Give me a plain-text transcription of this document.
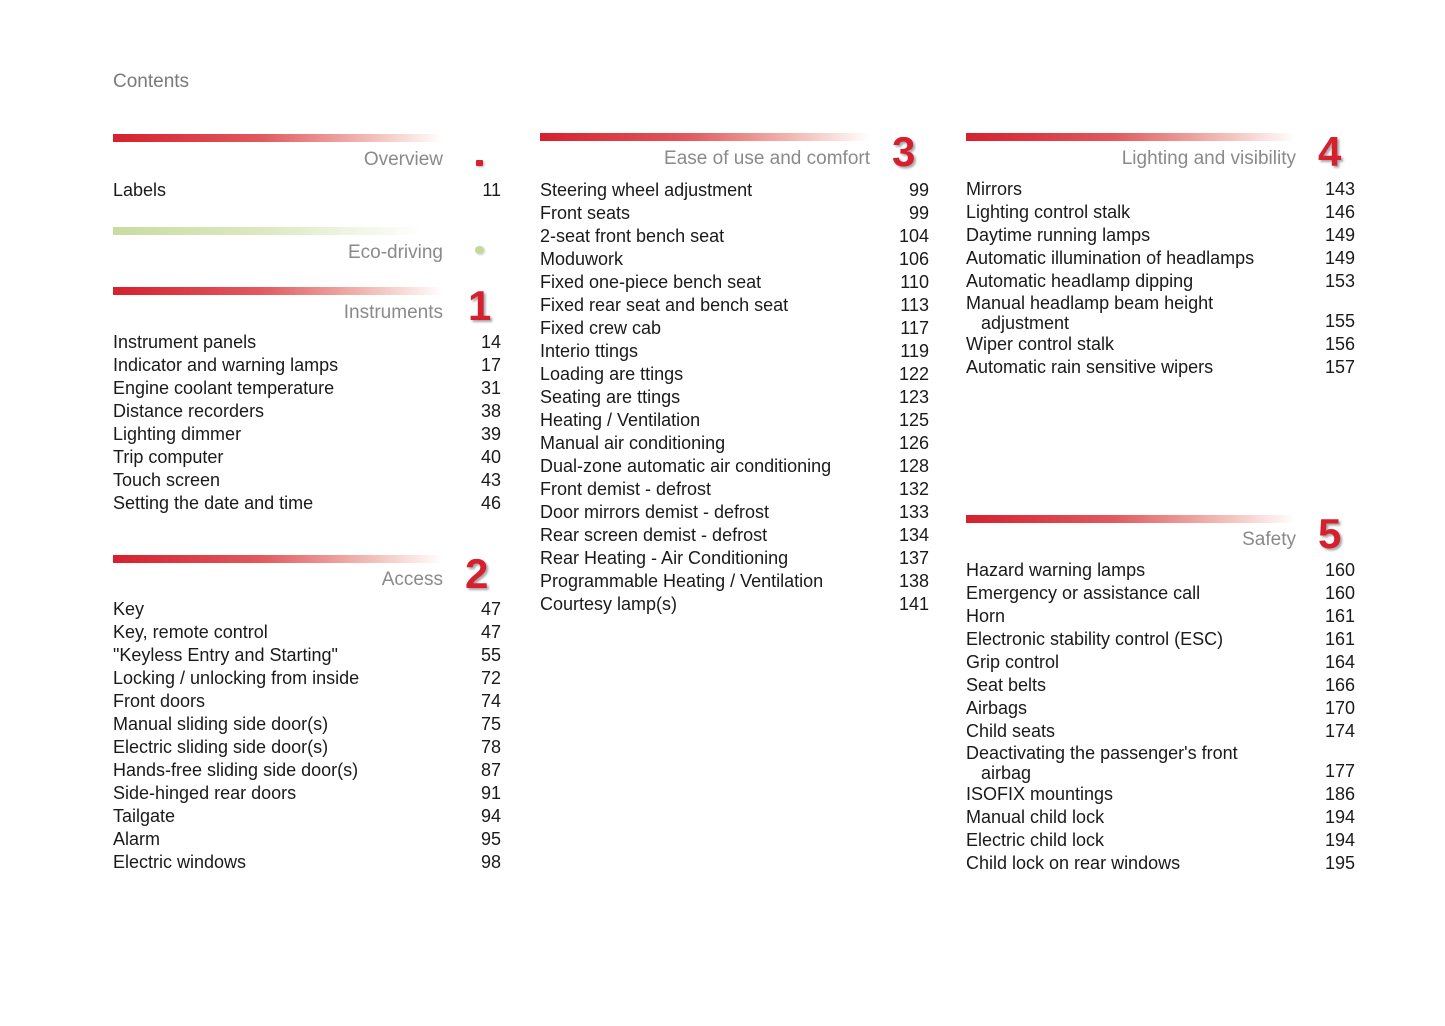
Contents
Overview
Labels	11
Eco-driving
Instruments 1
Instrument panels	14
Indicator and warning lamps	17
Engine coolant temperature	31
Distance recorders	38
Lighting dimmer	39
Trip computer	40
Touch screen	43
Setting the date and time	46
Access 2
Key	47
Key, remote control	47
"Keyless Entry and Starting"	55
Locking / unlocking from inside	72
Front doors	74
Manual sliding side door(s)	75
Electric sliding side door(s)	78
Hands-free sliding side door(s)	87
Side-hinged rear doors	91
Tailgate	94
Alarm	95
Electric windows	98
Ease of use and comfort 3
Steering wheel adjustment	99
Front seats	99
2-seat front bench seat	104
Moduwork	106
Fixed one-piece bench seat	110
Fixed rear seat and bench seat	113
Fixed crew cab	117
Interio ttings	119
Loading are ttings	122
Seating are ttings	123
Heating / Ventilation	125
Manual air conditioning	126
Dual-zone automatic air conditioning	128
Front demist - defrost	132
Door mirrors demist - defrost	133
Rear screen demist - defrost	134
Rear Heating - Air Conditioning	137
Programmable Heating / Ventilation	138
Courtesy lamp(s)	141
Lighting and visibility 4
Mirrors	143
Lighting control stalk	146
Daytime running lamps	149
Automatic illumination of headlamps	149
Automatic headlamp dipping	153
Manual headlamp beam height
adjustment	155
Wiper control stalk	156
Automatic rain sensitive wipers	157
Safety 5
Hazard warning lamps	160
Emergency or assistance call	160
Horn	161
Electronic stability control (ESC)	161
Grip control	164
Seat belts	166
Airbags	170
Child seats	174
Deactivating the passenger's front
airbag	177
ISOFIX mountings	186
Manual child lock	194
Electric child lock	194
Child lock on rear windows	195
